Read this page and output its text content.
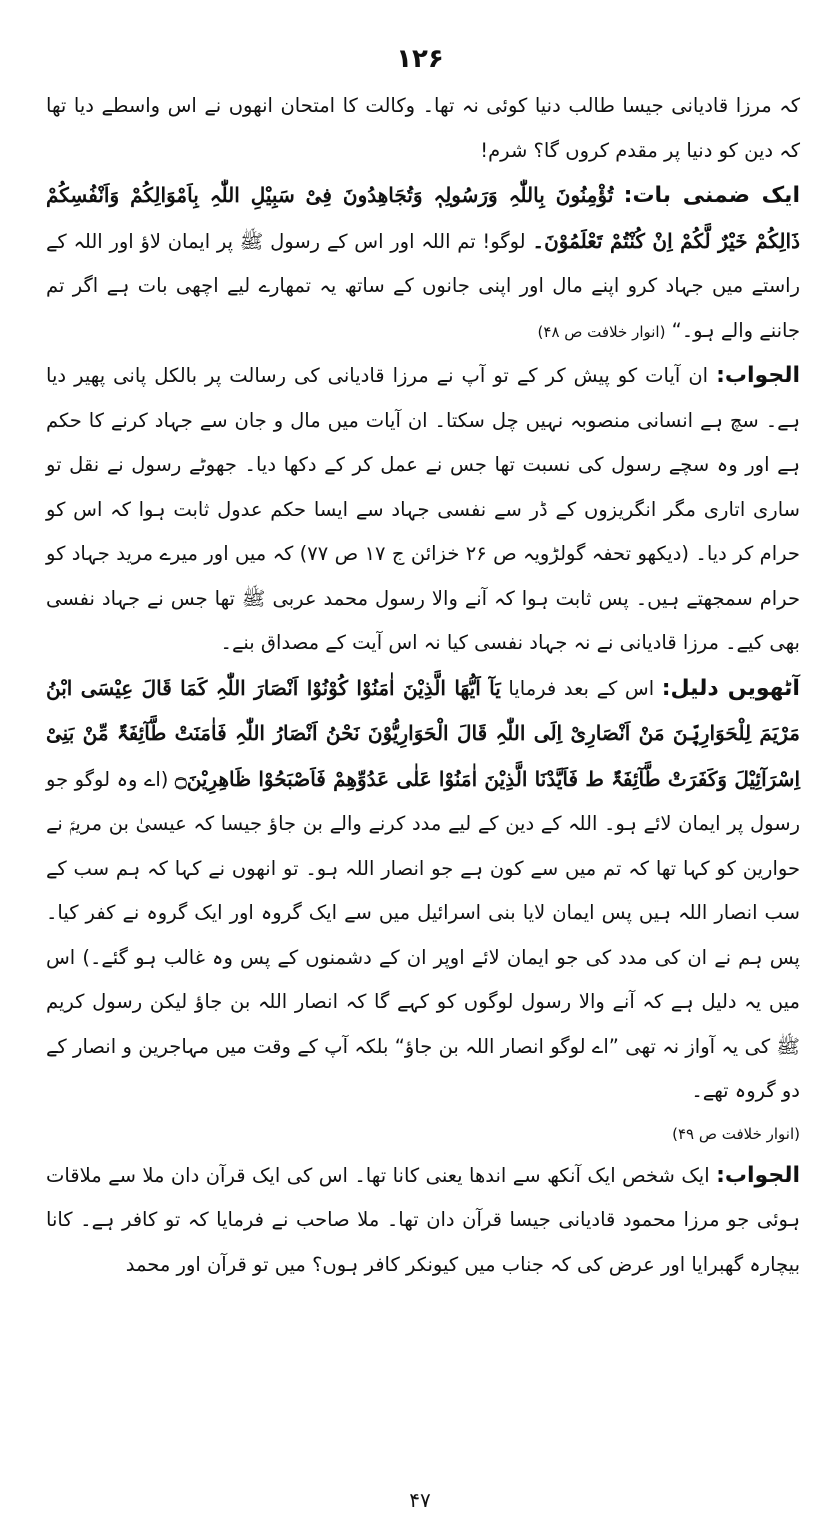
۱۲۶
کہ مرزا قادیانی جیسا طالب دنیا کوئی نہ تھا۔ وکالت کا امتحان انھوں نے اس واسطے دیا تھا کہ دین کو دنیا پر مقدم کروں گا؟ شرم!
ایک ضمنی بات: تُؤْمِنُونَ بِاللّٰہِ وَرَسُولِہٖ وَتُجَاھِدُونَ فِیْ سَبِیْلِ اللّٰہِ بِاَمْوَالِکُمْ وَاَنْفُسِکُمْ ذَالِکُمْ خَیْرٌ لَّکُمْ اِنْ کُنْتُمْ تَعْلَمُوْنَ۔ لوگو! تم اللہ اور اس کے رسول ﷺ پر ایمان لاؤ اور اللہ کے راستے میں جہاد کرو اپنے مال اور اپنی جانوں کے ساتھ یہ تمھارے لیے اچھی بات ہے اگر تم جاننے والے ہو۔“ (انوار خلافت ص ۴۸)
الجواب: ان آیات کو پیش کر کے تو آپ نے مرزا قادیانی کی رسالت پر بالکل پانی پھیر دیا ہے۔ سچ ہے انسانی منصوبہ نہیں چل سکتا۔ ان آیات میں مال و جان سے جہاد کرنے کا حکم ہے اور وہ سچے رسول کی نسبت تھا جس نے عمل کر کے دکھا دیا۔ جھوٹے رسول نے نقل تو ساری اتاری مگر انگریزوں کے ڈر سے نفسی جہاد سے ایسا حکم عدول ثابت ہوا کہ اس کو حرام کر دیا۔ (دیکھو تحفہ گولڑویہ ص ۲۶ خزائن ج ۱۷ ص ۷۷) کہ میں اور میرے مرید جہاد کو حرام سمجھتے ہیں۔ پس ثابت ہوا کہ آنے والا رسول محمد عربی ﷺ تھا جس نے جہاد نفسی بھی کیے۔ مرزا قادیانی نے نہ جہاد نفسی کیا نہ اس آیت کے مصداق بنے۔
آٹھویں دلیل: اس کے بعد فرمایا یَآ اَیُّھَا الَّذِیْنَ اٰمَنُوْا کُوْنُوْا اَنْصَارَ اللّٰہِ کَمَا قَالَ عِیْسَی ابْنُ مَرْیَمَ لِلْحَوَارِیّٖنَ مَنْ اَنْصَارِیْ اِلَی اللّٰہِ قَالَ الْحَوَارِیُّوْنَ نَحْنُ اَنْصَارُ اللّٰہِ فَاٰمَنَتْ طَّآئِفَۃٌ مِّنْ بَنِیْ اِسْرَآئِیْلَ وَکَفَرَتْ طَّآئِفَۃٌ ط فَاَیَّدْنَا الَّذِیْنَ اٰمَنُوْا عَلٰی عَدُوِّھِمْ فَاَصْبَحُوْا ظَاھِرِیْنَ۝ (اے وہ لوگو جو رسول پر ایمان لائے ہو۔ اللہ کے دین کے لیے مدد کرنے والے بن جاؤ جیسا کہ عیسیٰ بن مریمؑ نے حوارین کو کہا تھا کہ تم میں سے کون ہے جو انصار اللہ ہو۔ تو انھوں نے کہا کہ ہم سب کے سب انصار اللہ ہیں پس ایمان لایا بنی اسرائیل میں سے ایک گروہ اور ایک گروہ نے کفر کیا۔ پس ہم نے ان کی مدد کی جو ایمان لائے اوپر ان کے دشمنوں کے پس وہ غالب ہو گئے۔) اس میں یہ دلیل ہے کہ آنے والا رسول لوگوں کو کہے گا کہ انصار اللہ بن جاؤ لیکن رسول کریم ﷺ کی یہ آواز نہ تھی ”اے لوگو انصار اللہ بن جاؤ“ بلکہ آپ کے وقت میں مہاجرین و انصار کے دو گروہ تھے۔
(انوار خلافت ص ۴۹)
الجواب: ایک شخص ایک آنکھ سے اندھا یعنی کانا تھا۔ اس کی ایک قرآن دان ملا سے ملاقات ہوئی جو مرزا محمود قادیانی جیسا قرآن دان تھا۔ ملا صاحب نے فرمایا کہ تو کافر ہے۔ کانا بیچارہ گھبرایا اور عرض کی کہ جناب میں کیونکر کافر ہوں؟ میں تو قرآن اور محمد
۴۷
